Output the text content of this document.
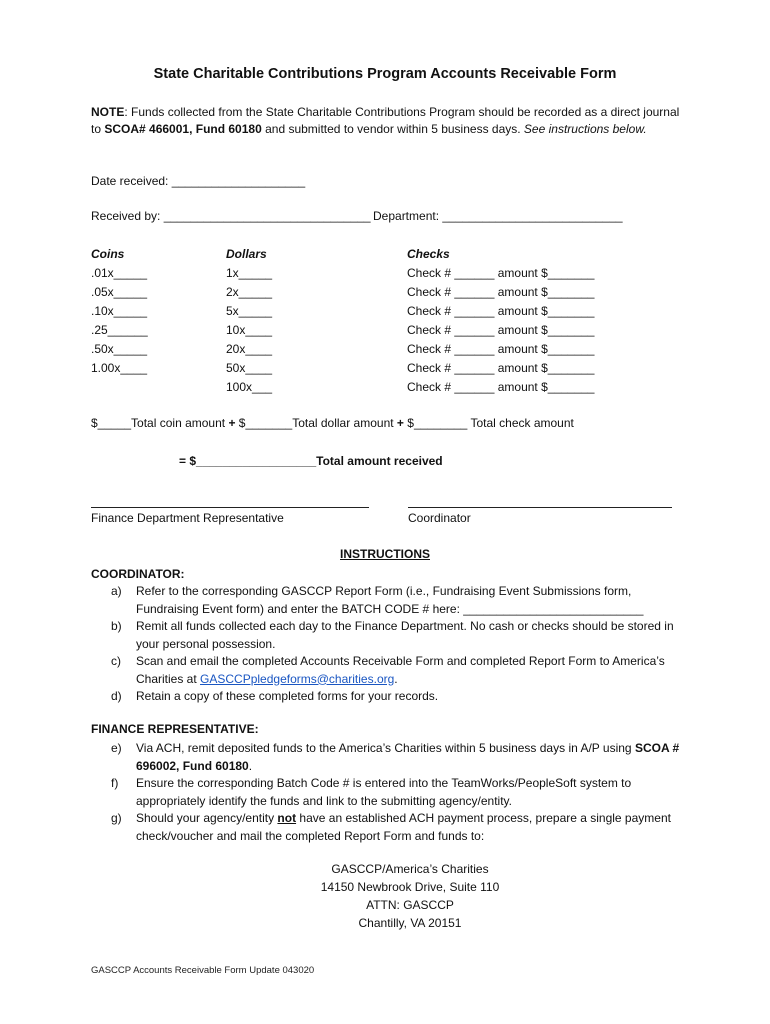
State Charitable Contributions Program Accounts Receivable Form
NOTE: Funds collected from the State Charitable Contributions Program should be recorded as a direct journal to SCOA# 466001, Fund 60180 and submitted to vendor within 5 business days. See instructions below.
Date received: ____________________
Received by: _______________________________ Department: ___________________________
Coins
.01x_____
.05x_____
.10x_____
.25______
.50x_____
1.00x____
Dollars
1x_____
2x_____
5x_____
10x____
20x____
50x____
100x___
Checks
Check # ______ amount $_______
Check # ______ amount $_______
Check # ______ amount $_______
Check # ______ amount $_______
Check # ______ amount $_______
Check # ______ amount $_______
Check # ______ amount $_______
$_____Total coin amount + $_______Total dollar amount + $________ Total check amount
= $__________________Total amount received
Finance Department Representative	Coordinator
INSTRUCTIONS
COORDINATOR:
a) Refer to the corresponding GASCCP Report Form (i.e., Fundraising Event Submissions form, Fundraising Event form) and enter the BATCH CODE # here: ___________________________
b) Remit all funds collected each day to the Finance Department. No cash or checks should be stored in your personal possession.
c) Scan and email the completed Accounts Receivable Form and completed Report Form to America’s Charities at GASCCPpledgeforms@charities.org.
d) Retain a copy of these completed forms for your records.
FINANCE REPRESENTATIVE:
e) Via ACH, remit deposited funds to the America’s Charities within 5 business days in A/P using SCOA # 696002, Fund 60180.
f) Ensure the corresponding Batch Code # is entered into the TeamWorks/PeopleSoft system to appropriately identify the funds and link to the submitting agency/entity.
g) Should your agency/entity not have an established ACH payment process, prepare a single payment check/voucher and mail the completed Report Form and funds to:
GASCCP/America’s Charities
14150 Newbrook Drive, Suite 110
ATTN: GASCCP
Chantilly, VA 20151
GASCCP Accounts Receivable Form Update 043020
